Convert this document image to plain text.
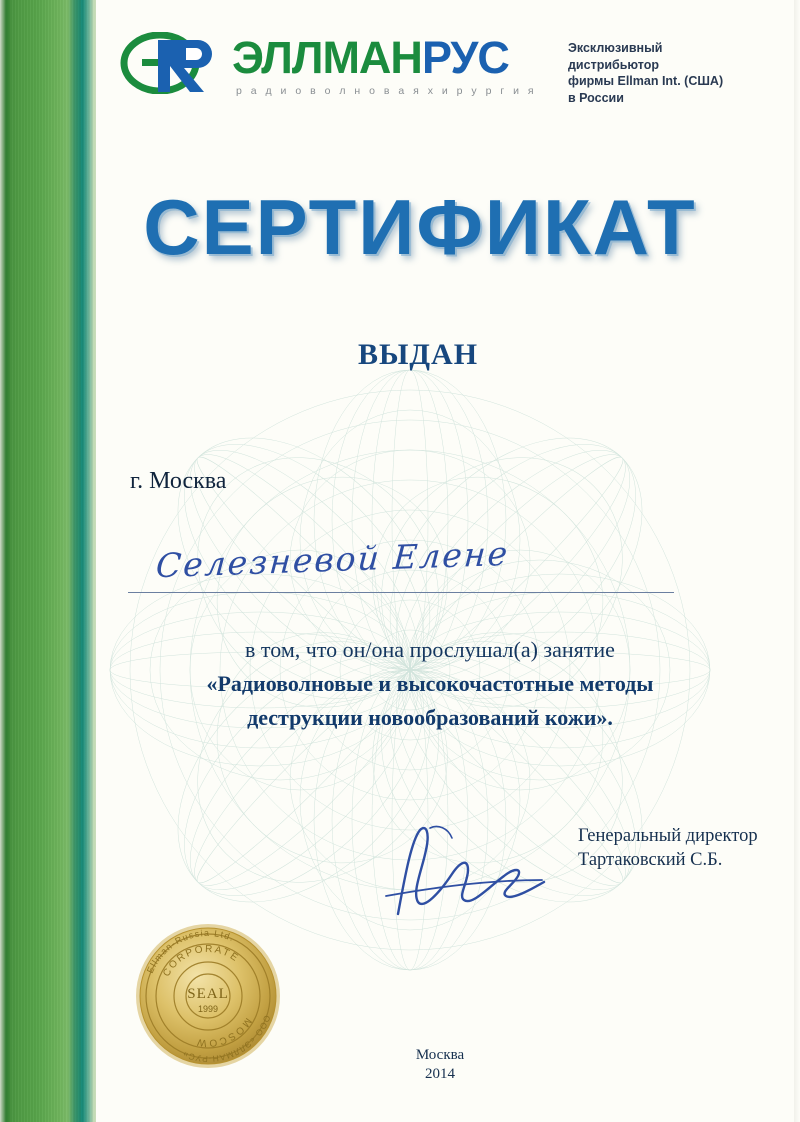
ЭЛЛМАНРУС
р а д и о в о л н о в а я х и р у р г и я
Эксклюзивный
дистрибьютор
фирмы Ellman Int. (США)
в России
СЕРТИФИКАТ
ВЫДАН
г. Москва
Селезневой Елене
в том, что он/она прослушал(а) занятие
«Радиоволновые и высокочастотные методы
деструкции новообразований кожи».
Генеральный директор
Тартаковский С.Б.
Ellman-Russia Ltd.
CORPORATE
MOSCOW
ООО «ЭЛЛМАН-РУС»
SEAL
1999
Москва
2014
